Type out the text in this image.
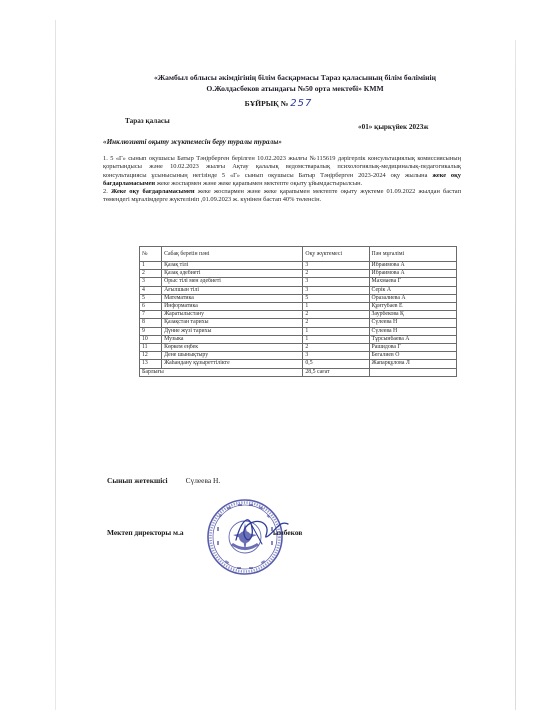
«Жамбыл облысы әкімдігінің білім басқармасы Тараз қаласының білім бөлімінің
О.Жолдасбеков атындағы №50 орта мектебі» КММ
БҰЙРЫҚ № 257
Тараз қаласы
«01» қыркүйек 2023ж
«Инклюзивті оқыту жүктемесін беру туралы туралы»

1. 5 «Г» сынып оқушысы Батыр Тәңірберген берілген 10.02.2023 жылғы №115619 дәрігерлік консультациялық комиссиясының қорытындысы және 10.02.2023 жылғы Ақтау қалалық ведомстваралық психологиялық-медициналық-педагогикалық консультациясы ұсынысының негізінде 5 «Г» сынып оқушысы Батыр Тәңірберген 2023-2024 оқу жылына жеке оқу бағдарламасымен жеке жоспармен және жеке қарапымен мектепте оқыту ұйымдастырылсын.

2. Жеке оқу бағдарламасымен жеке жоспармен және жеке қарапымен мектепте оқыту жүктеме 01.09.2022 жылдан бастап төмендегі мұғалімдерге жүктелініп ,01.09.2023 ж. күнінен бастап 40% төленсін.

№	Сабақ берetін пәні	Оқу жүктемесі	Пән мұғалімі
1	Қазақ тілі	3	Ибраимова А
2	Қазақ әдебиеті	2	Ибраимова А
3	Орыс тілі мен әдебиеті	3	Махмаева Г
4	Ағылшын тілі	3	Серік А
5	Математика	5	Оразалиева А
6	Информатика	1	Құнтубаев Е
7	Жаратылыстану	2	Заурбекова Қ
8	Қазақстан тарихы	2	Сүлеева Н
9	Дүние жүзі тарихы	1	Сүлеева Н
10	Музыка	1	Тұрсынбаева А
11	Көркем еңбек	2	Рашидова Г
12	Дене шынықтыру	3	Бегалиев О
13	Жаһандану құзыреттілікте	0,5	Жапарқұлова Л
Барлығы		28,5 сағат	
Сынып жетекшісі Сүлеева Н.
Мектеп директоры м.а	ымбеков
